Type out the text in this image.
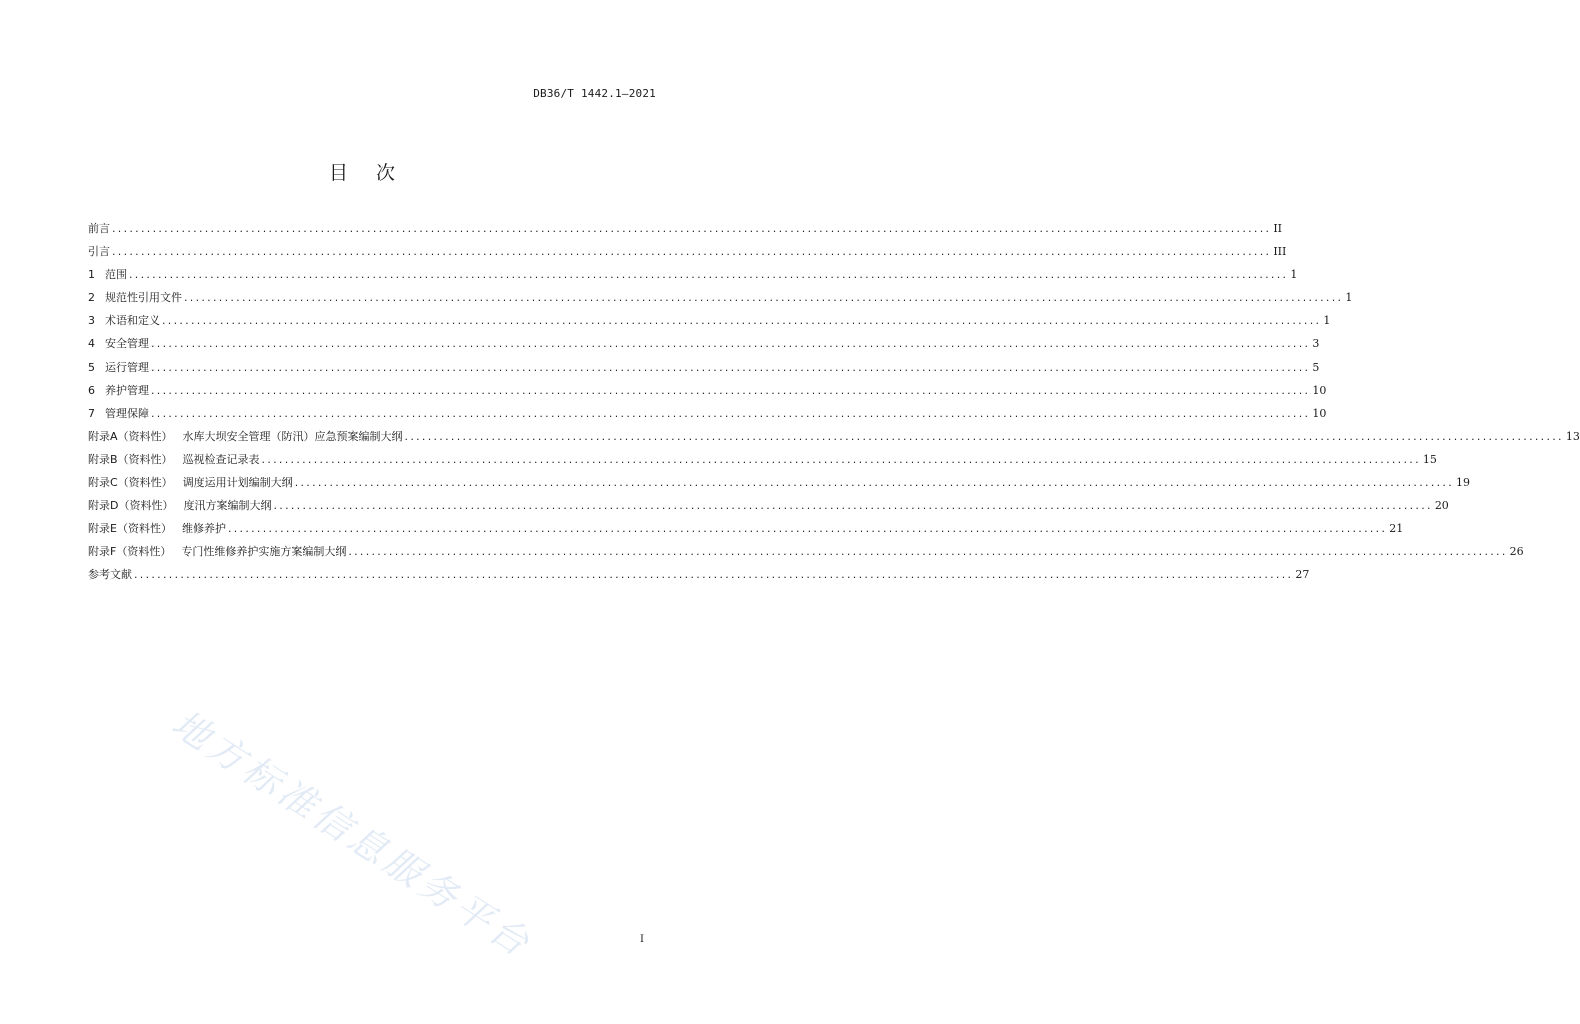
DB36/T 1442.1—2021
目 次
前言 ........................................................................................................................................................................................................ II
引言 ........................................................................................................................................................................................................ III
1 范围 ........................................................................................................................................................................................................ 1
2 规范性引用文件 ........................................................................................................................................................................................................ 1
3 术语和定义 ........................................................................................................................................................................................................ 1
4 安全管理 ........................................................................................................................................................................................................ 3
5 运行管理 ........................................................................................................................................................................................................ 5
6 养护管理 ........................................................................................................................................................................................................ 10
7 管理保障 ........................................................................................................................................................................................................ 10
附录A（资料性） 水库大坝安全管理（防汛）应急预案编制大纲 ........................................................................................................................................................................................................ 13
附录B（资料性） 巡视检查记录表 ........................................................................................................................................................................................................ 15
附录C（资料性） 调度运用计划编制大纲 ........................................................................................................................................................................................................ 19
附录D（资料性） 度汛方案编制大纲 ........................................................................................................................................................................................................ 20
附录E（资料性） 维修养护 ........................................................................................................................................................................................................ 21
附录F（资料性） 专门性维修养护实施方案编制大纲 ........................................................................................................................................................................................................ 26
参考文献 ........................................................................................................................................................................................................ 27
地方标准信息服务平台	I
